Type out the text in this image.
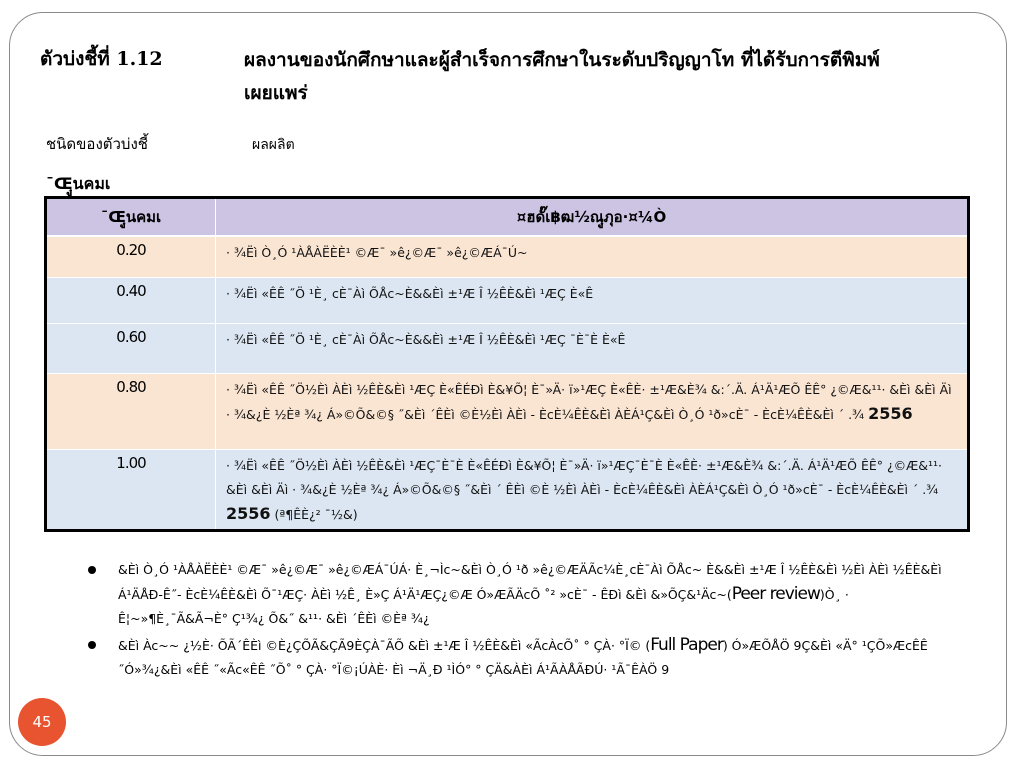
ตัวบ่งชี้ที่ 1.12	ผลงานของนักศึกษาและผู้สำเร็จการศึกษาในระดับปริญญาโท ที่ได้รับการตีพิมพ์เผยแพร่
ชนิดของตัวบ่งชี้	ผลผลิต
¯Œฺูนคมเ
¯Œฺูนคมเ	¤ฮดั๊เ฿ฒ½ณฺูภุอ·¤¼Ò
0.20	· ¾Ëì Ò¸Ó ¹ÀÅÀËÈÈ¹ ©Æ¯ »ê¿©Æ¯ »ê¿©ÆÁ¯Ú~
0.40	· ¾Ëì «ÊÊ ˝Ö ¹È¸ cÈ¯Àì ÕÅc~È&&Èì ±¹Æ Î ½ÊÈ&Èì ¹ÆÇ È«Ê
0.60	· ¾Ëì «ÊÊ ˝Ö ¹È¸ cÈ¯Àì ÕÅc~È&&Èì ±¹Æ Î ½ÊÈ&Èì ¹ÆÇ ¯È¯È È«Ê
0.80	· ¾Ëì «ÊÊ ˝Ö½Èì ÀÈì ½ÊÈ&Èì ¹ÆÇ È«ÊÉÐì È&¥Õ¦ È¯»Ä· ï»¹ÆÇ È«ÊÈ· ±¹Æ&È¾ &:´.Ä. Á¹Ä¹ÆÕ ÊÊ° ¿©Æ&¹¹· &Èì &Èì Äì · ¾&¿È ½Èª ¾¿ Á»©Õ&©§ ˝&Èì ´ÊÈì ©È½Èì ÀÈì - ÈcÈ¼ÊÈ&Èì ÀÈÁ¹Ç&Èì Ò¸Ó ¹ð»cÈ¯ - ÈcÈ¼ÊÈ&Èì ´ .¾ 2556
1.00	· ¾Ëì «ÊÊ ˝Ö½Èì ÀÈì ½ÊÈ&Èì ¹ÆÇ¯È¯È È«ÊÉÐì È&¥Õ¦ È¯»Ä· ï»¹ÆÇ¯È¯È È«ÊÈ· ±¹Æ&È¾ &:´.Ä. Á¹Ä¹ÆÕ ÊÊ° ¿©Æ&¹¹· &Èì &Èì Äì · ¾&¿È ½Èª ¾¿ Á»©Õ&©§ ˝&Èì ´ ÊÈì ©È ½Èì ÀÈì - ÈcÈ¼ÊÈ&Èì ÀÈÁ¹Ç&Èì Ò¸Ó ¹ð»cÈ¯ - ÈcÈ¼ÊÈ&Èì ´ .¾ 2556 (ª¶ÊÈ¿² ¯½&)
&Èì Ò¸Ó ¹ÀÅÀËÈÈ¹ ©Æ¯ »ê¿©Æ¯ »ê¿©ÆÁ¯ÚÁ· È¸¬Ìc~&Èì Ò¸Ó ¹ð »ê¿©ÆÄÃc¼È¸cÈ¯Àì ÕÅc~ È&&Èì ±¹Æ Î ½ÊÈ&Èì ½Èì ÀÈì ½ÊÈ&Èì Á¹ÄÅÐ-Ê˝- ÈcÈ¼ÊÈ&Èì Õ¯¹ÆÇ· ÀÈì ½Ê¸ È»Ç Á¹Ä¹ÆÇ¿©Æ Ó»ÆÃÄcÕ ˚² »cÈ¯ - ÊÐì &Èì &»ÕÇ&¹Äc~(Peer review)Ò¸ · Ê¦~»¶È¸¯Ã&Ã¬È° Ç¹¾¿ Õ&˝ &¹¹· &Èì ´ÊÈì ©Èª ¾¿
&Èì Àc~~ ¿½È· ÕÃ´ÊÈì ©È¿ÇÕÃ&ÇÃ9ÈÇÀ¯ÃÕ &Èì ±¹Æ Î ½ÊÈ&Èì «ÃcÀcÕ˚ ° ÇÀ· °Ï© (Full Paper) Ó»ÆÕÅÖ 9Ç&Èì «Ä° ¹ÇÕ»ÆcÊÊ ˝Ó»¾¿&Èì «ÊÊ ˝«Ãc«ÊÊ ˝Õ˚ ° ÇÀ· °Ï©¡ÚÀÈ· Èì ¬Ä¸Ð ¹ÌÓ° ° ÇÄ&ÀÈì Á¹ÃÀÅÃÐÚ· ¹Ã¯ÊÀÖ 9
45
